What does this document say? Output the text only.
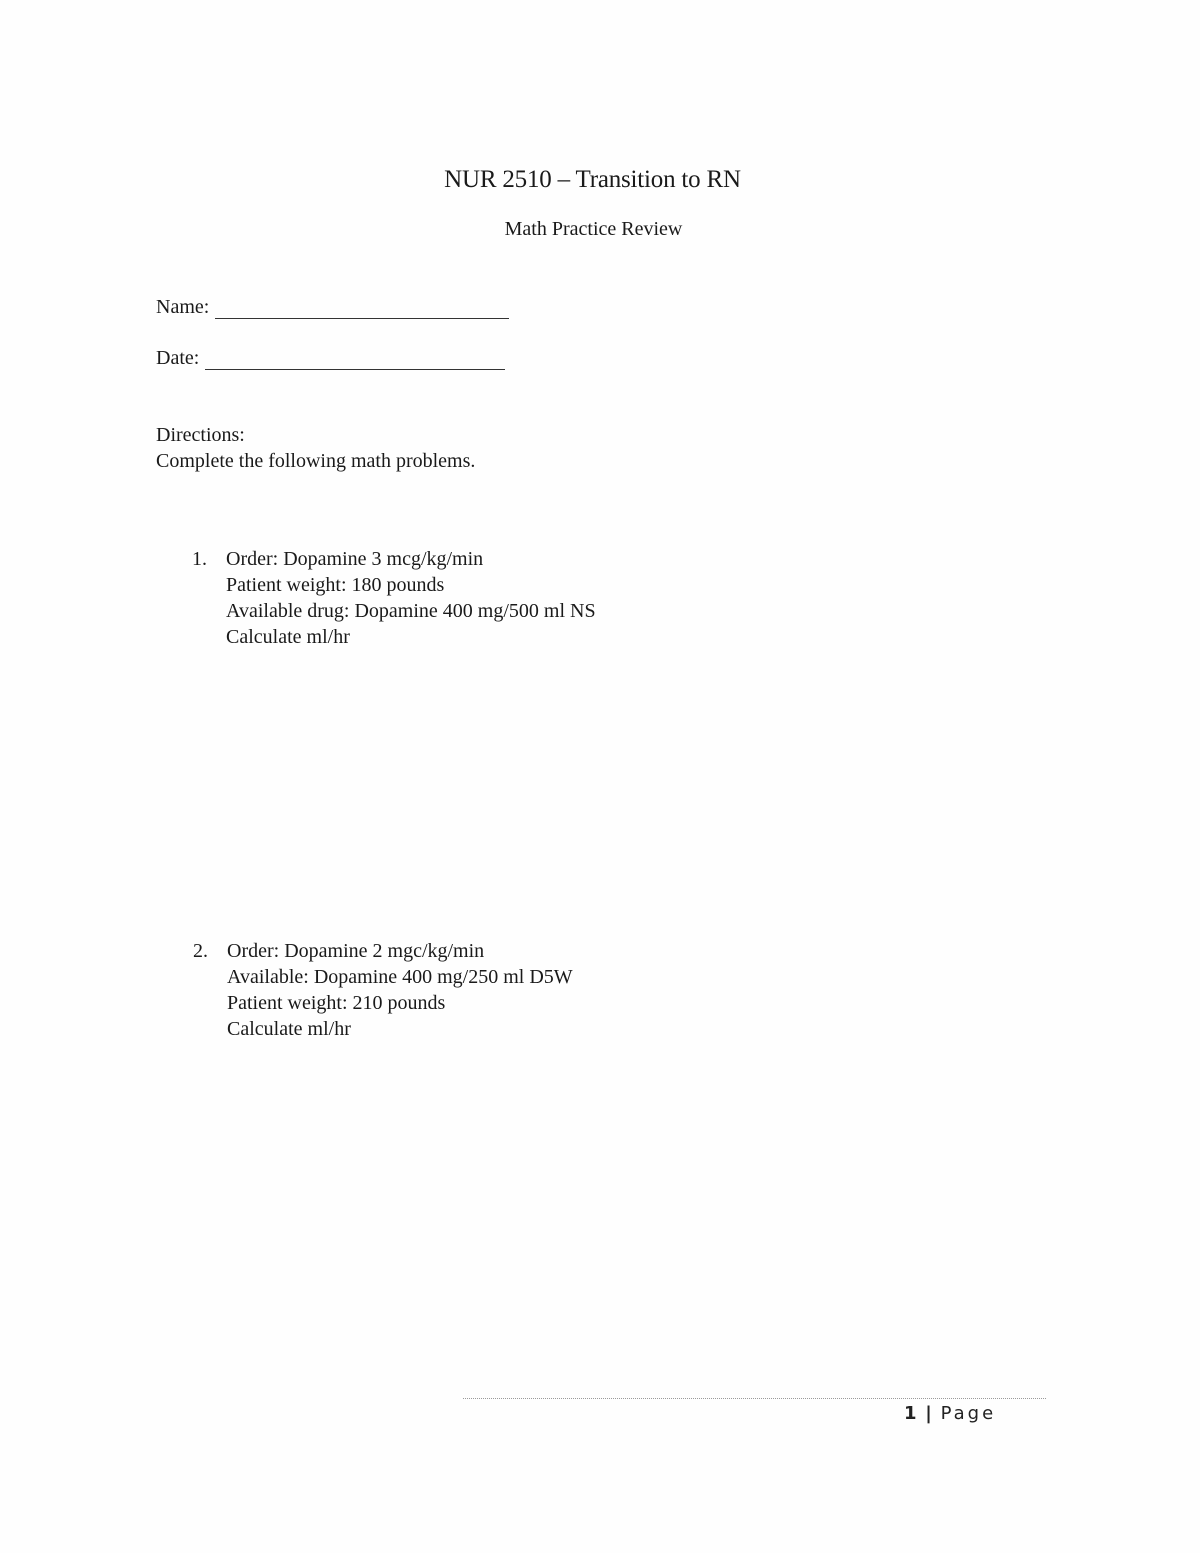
NUR 2510 – Transition to RN
Math Practice Review
Name:
Date:
Directions:
Complete the following math problems.
1. Order: Dopamine 3 mcg/kg/min
Patient weight: 180 pounds
Available drug: Dopamine 400 mg/500 ml NS
Calculate ml/hr
2. Order: Dopamine 2 mgc/kg/min
Available: Dopamine 400 mg/250 ml D5W
Patient weight: 210 pounds
Calculate ml/hr
1 | Page
